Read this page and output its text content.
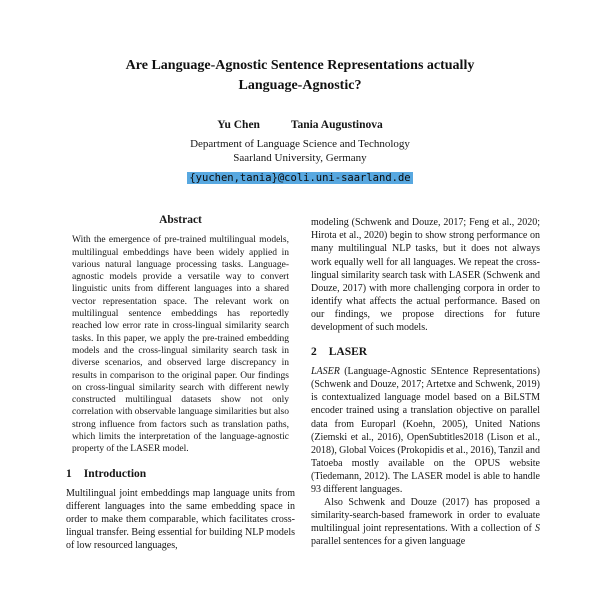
Are Language-Agnostic Sentence Representations actually
Language-Agnostic?
Yu Chen	Tania Augustinova
Department of Language Science and Technology
Saarland University, Germany
{yuchen,tania}@coli.uni-saarland.de
Abstract

With the emergence of pre-trained multilingual models, multilingual embeddings have been widely applied in various natural language processing tasks. Language-agnostic models provide a versatile way to convert linguistic units from different languages into a shared vector representation space. The relevant work on multilingual sentence embeddings has reportedly reached low error rate in cross-lingual similarity search tasks. In this paper, we apply the pre-trained embedding models and the cross-lingual similarity search task in diverse scenarios, and observed large discrepancy in results in comparison to the original paper. Our findings on cross-lingual similarity search with different newly constructed multilingual datasets show not only correlation with observable language similarities but also strong influence from factors such as translation paths, which limits the interpretation of the language-agnostic property of the LASER model.

1 Introduction

Multilingual joint embeddings map language units from different languages into the same embedding space in order to make them comparable, which facilitates cross-lingual transfer. Being essential for building NLP models of low resourced languages,

modeling (Schwenk and Douze, 2017; Feng et al., 2020; Hirota et al., 2020) begin to show strong performance on many multilingual NLP tasks, but it does not always work equally well for all languages. We repeat the cross-lingual similarity search task with LASER (Schwenk and Douze, 2017) with more challenging corpora in order to identify what affects the actual performance. Based on our findings, we propose directions for future development of such models.

2 LASER

LASER (Language-Agnostic SEntence Representations) (Schwenk and Douze, 2017; Artetxe and Schwenk, 2019) is contextualized language model based on a BiLSTM encoder trained using a translation objective on parallel data from Europarl (Koehn, 2005), United Nations (Ziemski et al., 2016), OpenSubtitles2018 (Lison et al., 2018), Global Voices (Prokopidis et al., 2016), Tanzil and Tatoeba mostly available on the OPUS website (Tiedemann, 2012). The LASER model is able to handle 93 different languages.

Also Schwenk and Douze (2017) has proposed a similarity-search-based framework in order to evaluate multilingual joint representations. With a collection of S parallel sentences for a given language
